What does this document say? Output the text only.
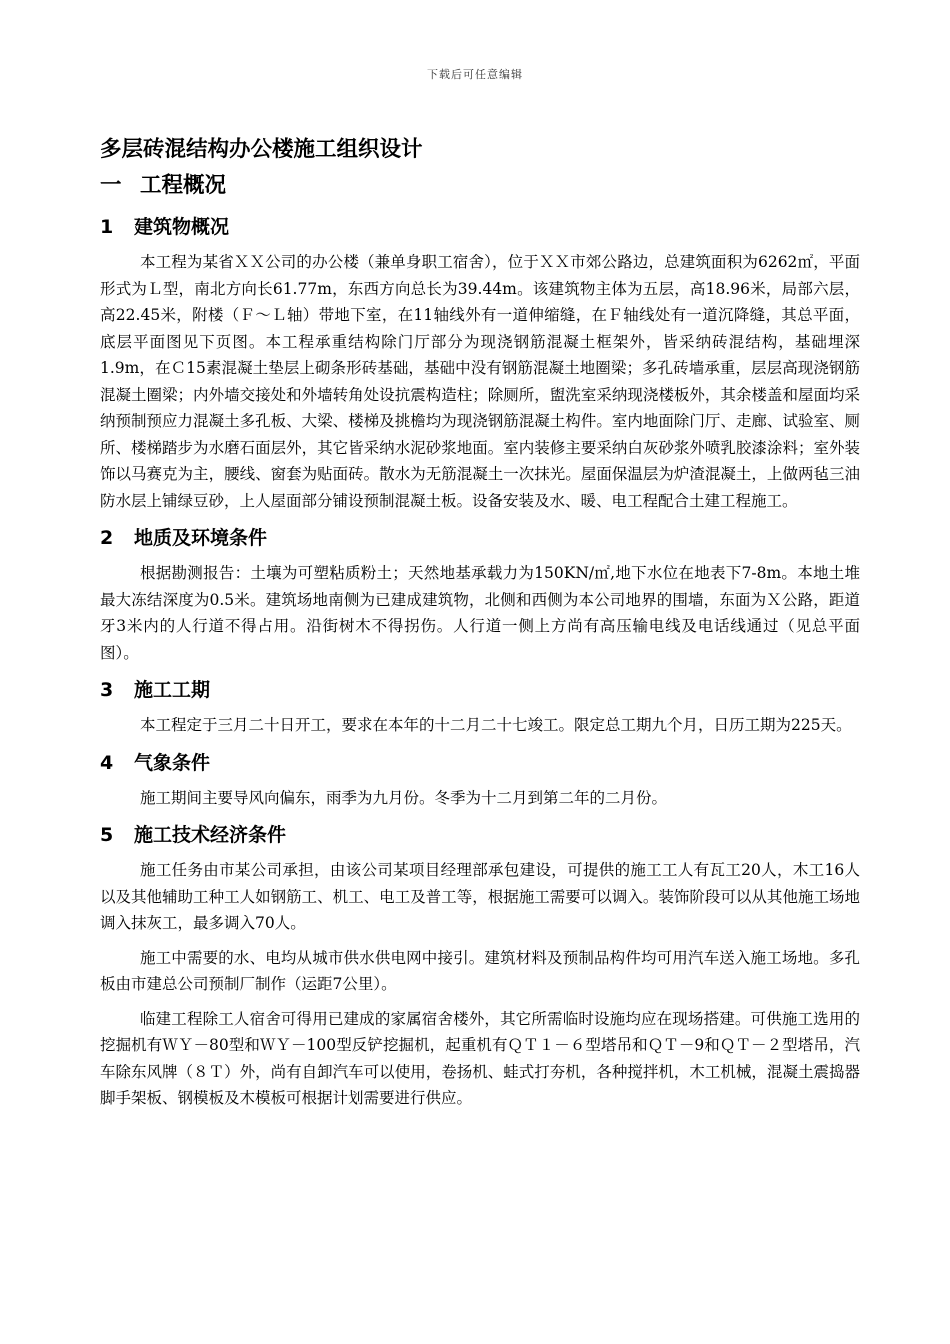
下载后可任意编辑
多层砖混结构办公楼施工组织设计
一 工程概况
1 建筑物概况

本工程为某省ＸＸ公司的办公楼（兼单身职工宿舍），位于ＸＸ市郊公路边，总建筑面积为6262㎡，平面形式为Ｌ型，南北方向长61.77m，东西方向总长为39.44m。该建筑物主体为五层，高18.96米，局部六层，高22.45米，附楼（Ｆ～Ｌ轴）带地下室，在11轴线外有一道伸缩缝，在Ｆ轴线处有一道沉降缝，其总平面，底层平面图见下页图。本工程承重结构除门厅部分为现浇钢筋混凝土框架外，皆采纳砖混结构，基础埋深1.9m，在Ｃ15素混凝土垫层上砌条形砖基础，基础中没有钢筋混凝土地圈梁；多孔砖墙承重，层层高现浇钢筋混凝土圈梁；内外墙交接处和外墙转角处设抗震构造柱；除厕所，盥洗室采纳现浇楼板外，其余楼盖和屋面均采纳预制预应力混凝土多孔板、大梁、楼梯及挑檐均为现浇钢筋混凝土构件。室内地面除门厅、走廊、试验室、厕所、楼梯踏步为水磨石面层外，其它皆采纳水泥砂浆地面。室内装修主要采纳白灰砂浆外喷乳胶漆涂料；室外装饰以马赛克为主，腰线、窗套为贴面砖。散水为无筋混凝土一次抹光。屋面保温层为炉渣混凝土，上做两毡三油防水层上铺绿豆砂，上人屋面部分铺设预制混凝土板。设备安装及水、暖、电工程配合土建工程施工。

2 地质及环境条件

根据勘测报告：土壤为可塑粘质粉土；天然地基承载力为150KN/㎡,地下水位在地表下7-8m。本地土堆最大冻结深度为0.5米。建筑场地南侧为已建成建筑物，北侧和西侧为本公司地界的围墙，东面为Ｘ公路，距道牙3米内的人行道不得占用。沿街树木不得拐伤。人行道一侧上方尚有高压输电线及电话线通过（见总平面图）。

3 施工工期

本工程定于三月二十日开工，要求在本年的十二月二十七竣工。限定总工期九个月，日历工期为225天。

4 气象条件

施工期间主要导风向偏东，雨季为九月份。冬季为十二月到第二年的二月份。

5 施工技术经济条件

施工任务由市某公司承担，由该公司某项目经理部承包建设，可提供的施工工人有瓦工20人，木工16人以及其他辅助工种工人如钢筋工、机工、电工及普工等，根据施工需要可以调入。装饰阶段可以从其他施工场地调入抹灰工，最多调入70人。

施工中需要的水、电均从城市供水供电网中接引。建筑材料及预制品构件均可用汽车送入施工场地。多孔板由市建总公司预制厂制作（运距7公里）。

临建工程除工人宿舍可得用已建成的家属宿舍楼外，其它所需临时设施均应在现场搭建。可供施工选用的挖掘机有ＷＹ－80型和ＷＹ－100型反铲挖掘机，起重机有ＱＴ１－６型塔吊和ＱＴ－9和ＱＴ－２型塔吊，汽车除东风牌（８Ｔ）外，尚有自卸汽车可以使用，卷扬机、蛙式打夯机，各种搅拌机，木工机械，混凝土震捣器脚手架板、钢模板及木模板可根据计划需要进行供应。
